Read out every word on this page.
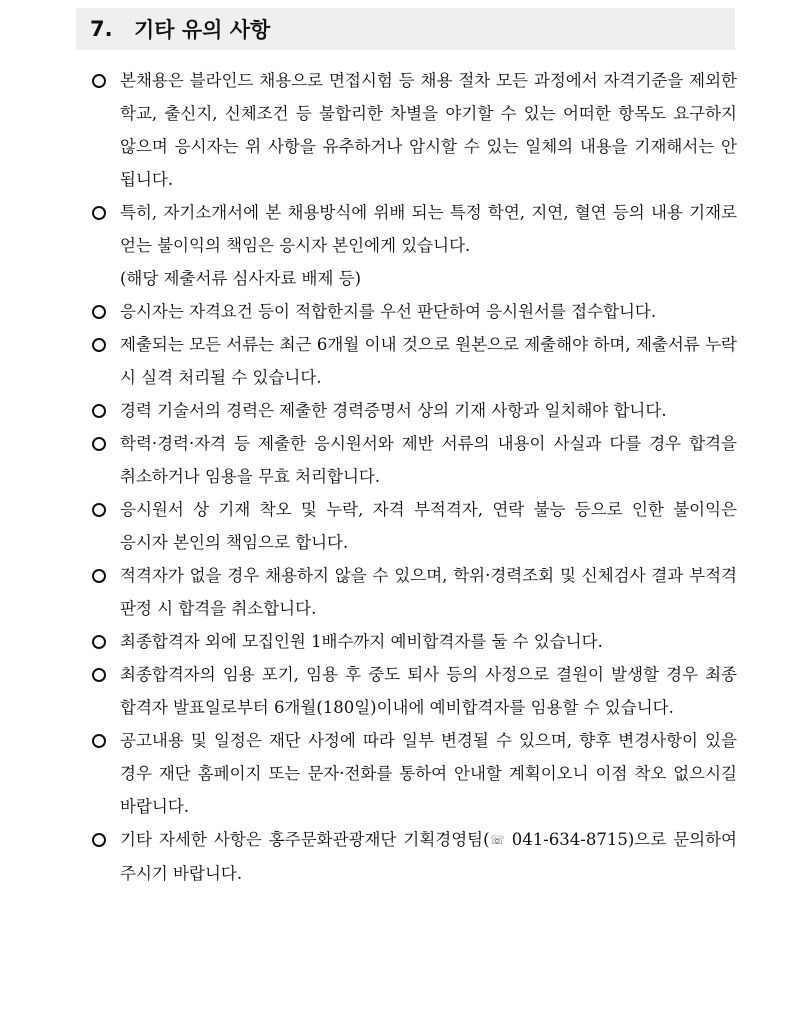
7.	기타 유의 사항
본채용은 블라인드 채용으로 면접시험 등 채용 절차 모든 과정에서 자격기준을 제외한 학교, 출신지, 신체조건 등 불합리한 차별을 야기할 수 있는 어떠한 항목도 요구하지 않으며 응시자는 위 사항을 유추하거나 암시할 수 있는 일체의 내용을 기재해서는 안 됩니다.
특히, 자기소개서에 본 채용방식에 위배 되는 특정 학연, 지연, 혈연 등의 내용 기재로 얻는 불이익의 책임은 응시자 본인에게 있습니다.
(해당 제출서류 심사자료 배제 등)
응시자는 자격요건 등이 적합한지를 우선 판단하여 응시원서를 접수합니다.
제출되는 모든 서류는 최근 6개월 이내 것으로 원본으로 제출해야 하며, 제출서류 누락 시 실격 처리될 수 있습니다.
경력 기술서의 경력은 제출한 경력증명서 상의 기재 사항과 일치해야 합니다.
학력·경력·자격 등 제출한 응시원서와 제반 서류의 내용이 사실과 다를 경우 합격을 취소하거나 임용을 무효 처리합니다.
응시원서 상 기재 착오 및 누락, 자격 부적격자, 연락 불능 등으로 인한 불이익은 응시자 본인의 책임으로 합니다.
적격자가 없을 경우 채용하지 않을 수 있으며, 학위·경력조회 및 신체검사 결과 부적격 판정 시 합격을 취소합니다.
최종합격자 외에 모집인원 1배수까지 예비합격자를 둘 수 있습니다.
최종합격자의 임용 포기, 임용 후 중도 퇴사 등의 사정으로 결원이 발생할 경우 최종 합격자 발표일로부터 6개월(180일)이내에 예비합격자를 임용할 수 있습니다.
공고내용 및 일정은 재단 사정에 따라 일부 변경될 수 있으며, 향후 변경사항이 있을 경우 재단 홈페이지 또는 문자·전화를 통하여 안내할 계획이오니 이점 착오 없으시길 바랍니다.
기타 자세한 사항은 홍주문화관광재단 기획경영팀(☏ 041-634-8715)으로 문의하여 주시기 바랍니다.
